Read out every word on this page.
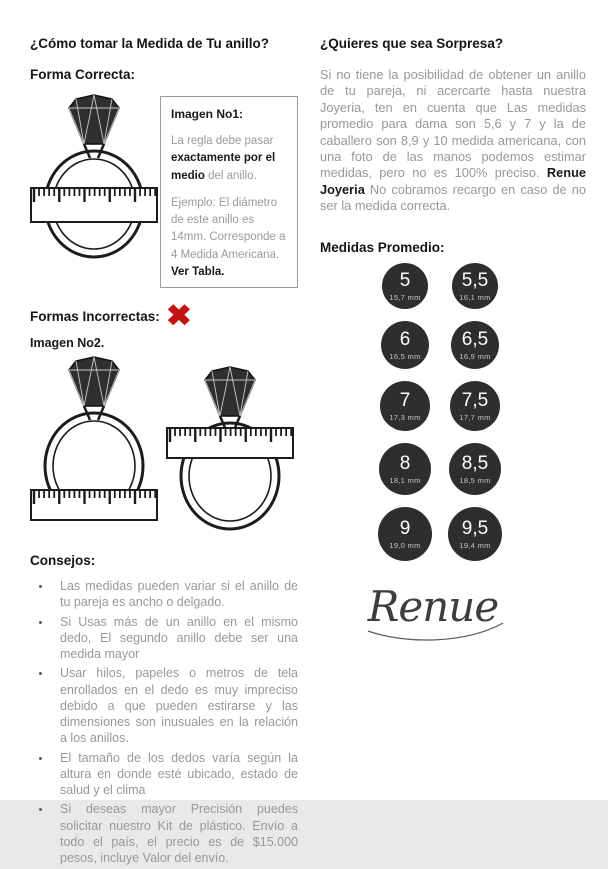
¿Cómo tomar la Medida de Tu anillo?
Forma Correcta:

Imagen No1:

La regla debe pasar exactamente por el medio del anillo.

Ejemplo: El diámetro de este anillo es 14mm. Corresponde a 4 Medida Americana.
Ver Tabla.

Formas Incorrectas: ✖

Imagen No2.

Consejos:
• Las medidas pueden variar si el anillo de tu pareja es ancho o delgado.
• Si Usas más de un anillo en el mismo dedo, El segundo anillo debe ser una medida mayor
• Usar hilos, papeles o metros de tela enrollados en el dedo es muy impreciso debido a que pueden estirarse y las dimensiones son inusuales en la relación a los anillos.
• El tamaño de los dedos varía según la altura en donde esté ubicado, estado de salud y el clima
• Si deseas mayor Precisión puedes solicitar nuestro Kit de plástico. Envío a todo el país, el precio es de $15.000 pesos, incluye Valor del envío.
¿Quieres que sea Sorpresa?

Si no tiene la posibilidad de obtener un anillo de tu pareja, ni acercarte hasta nuestra Joyeria, ten en cuenta que Las medidas promedio para dama son 5,6 y 7 y la de caballero son 8,9 y 10 medida americana, con una foto de las manos podemos estimar medidas, pero no es 100% preciso. Renue Joyeria No cobramos recargo en caso de no ser la medida correcta.

Medidas Promedio:
5
15,7 mm
5,5
16,1 mm
6
16,5 mm
6,5
16,9 mm
7
17,3 mm
7,5
17,7 mm
8
18,1 mm
8,5
18,5 mm
9
19,0 mm
9,5
19,4 mm
Renue
· · ·
